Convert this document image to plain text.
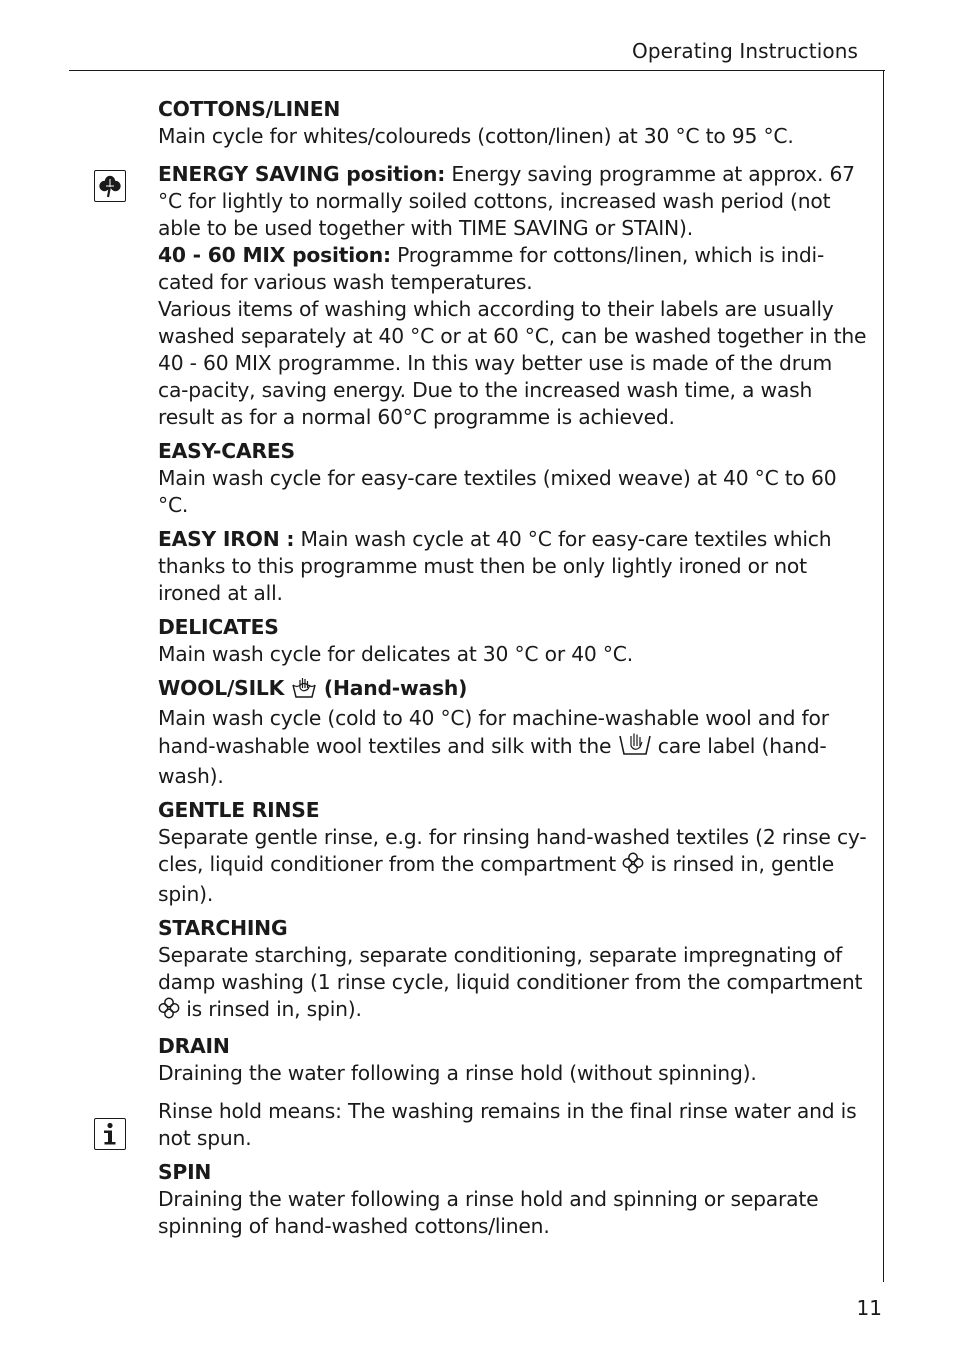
Operating Instructions
COTTONS/LINEN
Main cycle for whites/coloureds (cotton/linen) at 30 °C to 95 °C.
ENERGY SAVING position: Energy saving programme at approx. 67 °C for lightly to normally soiled cottons, increased wash period (not able to be used together with TIME SAVING or STAIN).
40 - 60 MIX position: Programme for cottons/linen, which is indi-cated for various wash temperatures.
Various items of washing which according to their labels are usually washed separately at 40 °C or at 60 °C, can be washed together in the 40 - 60 MIX programme. In this way better use is made of the drum ca-pacity, saving energy. Due to the increased wash time, a wash result as for a normal 60°C programme is achieved.
EASY-CARES
Main wash cycle for easy-care textiles (mixed weave) at 40 °C to 60 °C.
EASY IRON : Main wash cycle at 40 °C for easy-care textiles which thanks to this programme must then be only lightly ironed or not ironed at all.
DELICATES
Main wash cycle for delicates at 30 °C or 40 °C.
WOOL/SILK  (Hand-wash)
Main wash cycle (cold to 40 °C) for machine-washable wool and for hand-washable wool textiles and silk with the  care label (hand-wash).
GENTLE RINSE
Separate gentle rinse, e.g. for rinsing hand-washed textiles (2 rinse cy-cles, liquid conditioner from the compartment  is rinsed in, gentle spin).
STARCHING
Separate starching, separate conditioning, separate impregnating of damp washing (1 rinse cycle, liquid conditioner from the compartment  is rinsed in, spin).
DRAIN
Draining the water following a rinse hold (without spinning).
Rinse hold means: The washing remains in the final rinse water and is not spun.
SPIN
Draining the water following a rinse hold and spinning or separate spinning of hand-washed cottons/linen.
11
